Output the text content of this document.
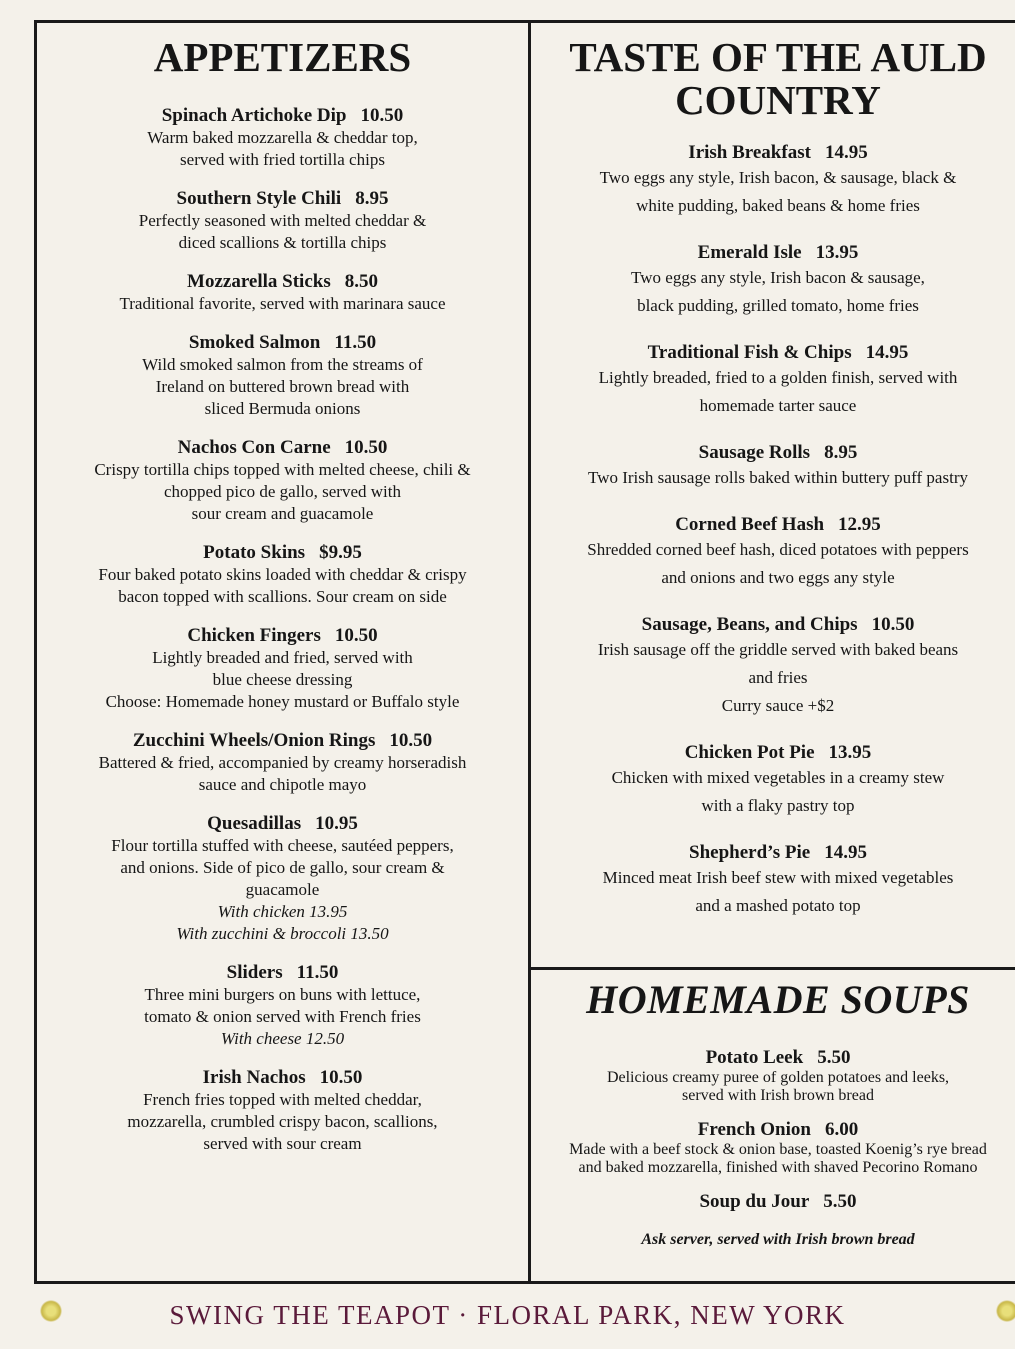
APPETIZERS
Spinach Artichoke Dip 10.50
Warm baked mozzarella & cheddar top,
served with fried tortilla chips
Southern Style Chili 8.95
Perfectly seasoned with melted cheddar &
diced scallions & tortilla chips
Mozzarella Sticks 8.50
Traditional favorite, served with marinara sauce
Smoked Salmon 11.50
Wild smoked salmon from the streams of
Ireland on buttered brown bread with
sliced Bermuda onions
Nachos Con Carne 10.50
Crispy tortilla chips topped with melted cheese, chili &
chopped pico de gallo, served with
sour cream and guacamole
Potato Skins $9.95
Four baked potato skins loaded with cheddar & crispy
bacon topped with scallions. Sour cream on side
Chicken Fingers 10.50
Lightly breaded and fried, served with
blue cheese dressing
Choose: Homemade honey mustard or Buffalo style
Zucchini Wheels/Onion Rings 10.50
Battered & fried, accompanied by creamy horseradish
sauce and chipotle mayo
Quesadillas 10.95
Flour tortilla stuffed with cheese, sautéed peppers,
and onions. Side of pico de gallo, sour cream &
guacamole
With chicken 13.95
With zucchini & broccoli 13.50
Sliders 11.50
Three mini burgers on buns with lettuce,
tomato & onion served with French fries
With cheese 12.50
Irish Nachos 10.50
French fries topped with melted cheddar,
mozzarella, crumbled crispy bacon, scallions,
served with sour cream
TASTE OF THE AULD
COUNTRY
Irish Breakfast 14.95
Two eggs any style, Irish bacon, & sausage, black &
white pudding, baked beans & home fries
Emerald Isle 13.95
Two eggs any style, Irish bacon & sausage,
black pudding, grilled tomato, home fries
Traditional Fish & Chips 14.95
Lightly breaded, fried to a golden finish, served with
homemade tarter sauce
Sausage Rolls 8.95
Two Irish sausage rolls baked within buttery puff pastry
Corned Beef Hash 12.95
Shredded corned beef hash, diced potatoes with peppers
and onions and two eggs any style
Sausage, Beans, and Chips 10.50
Irish sausage off the griddle served with baked beans
and fries
Curry sauce +$2
Chicken Pot Pie 13.95
Chicken with mixed vegetables in a creamy stew
with a flaky pastry top
Shepherd’s Pie 14.95
Minced meat Irish beef stew with mixed vegetables
and a mashed potato top
HOMEMADE SOUPS
Potato Leek 5.50
Delicious creamy puree of golden potatoes and leeks,
served with Irish brown bread
French Onion 6.00
Made with a beef stock & onion base, toasted Koenig’s rye bread
and baked mozzarella, finished with shaved Pecorino Romano
Soup du Jour 5.50
Ask server, served with Irish brown bread
SWING THE TEAPOT · FLORAL PARK, NEW YORK
